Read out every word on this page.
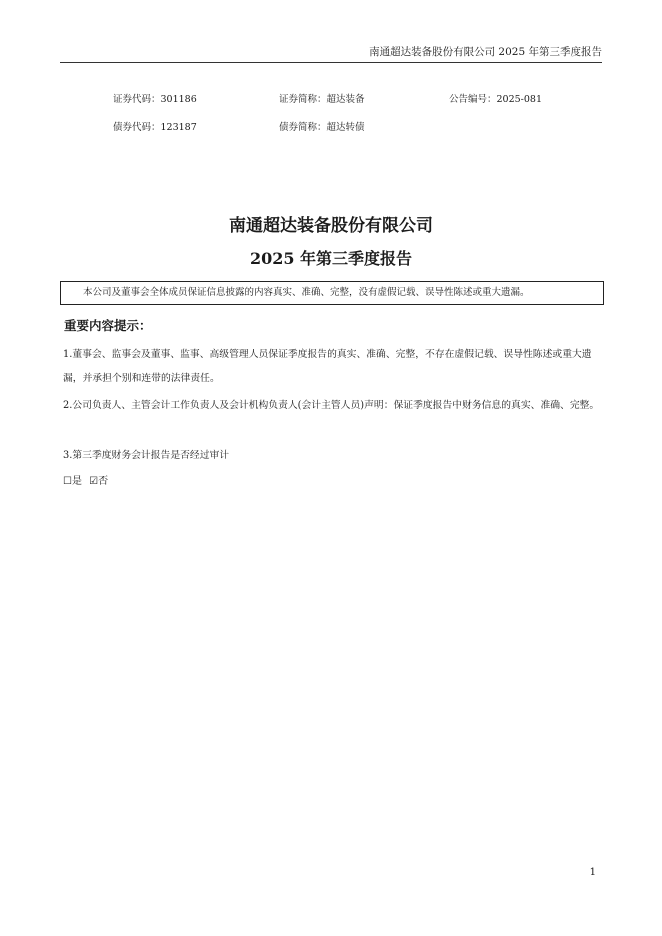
南通超达装备股份有限公司 2025 年第三季度报告
证券代码：301186	证券简称：超达装备	公告编号：2025-081
债券代码：123187	债券简称：超达转债
南通超达装备股份有限公司
2025 年第三季度报告
本公司及董事会全体成员保证信息披露的内容真实、准确、完整，没有虚假记载、误导性陈述或重大遗漏。
重要内容提示：
1.董事会、监事会及董事、监事、高级管理人员保证季度报告的真实、准确、完整，不存在虚假记载、误导性陈述或重大遗漏，并承担个别和连带的法律责任。
2.公司负责人、主管会计工作负责人及会计机构负责人(会计主管人员)声明：保证季度报告中财务信息的真实、准确、完整。
3.第三季度财务会计报告是否经过审计
☐是 ☑否
1
